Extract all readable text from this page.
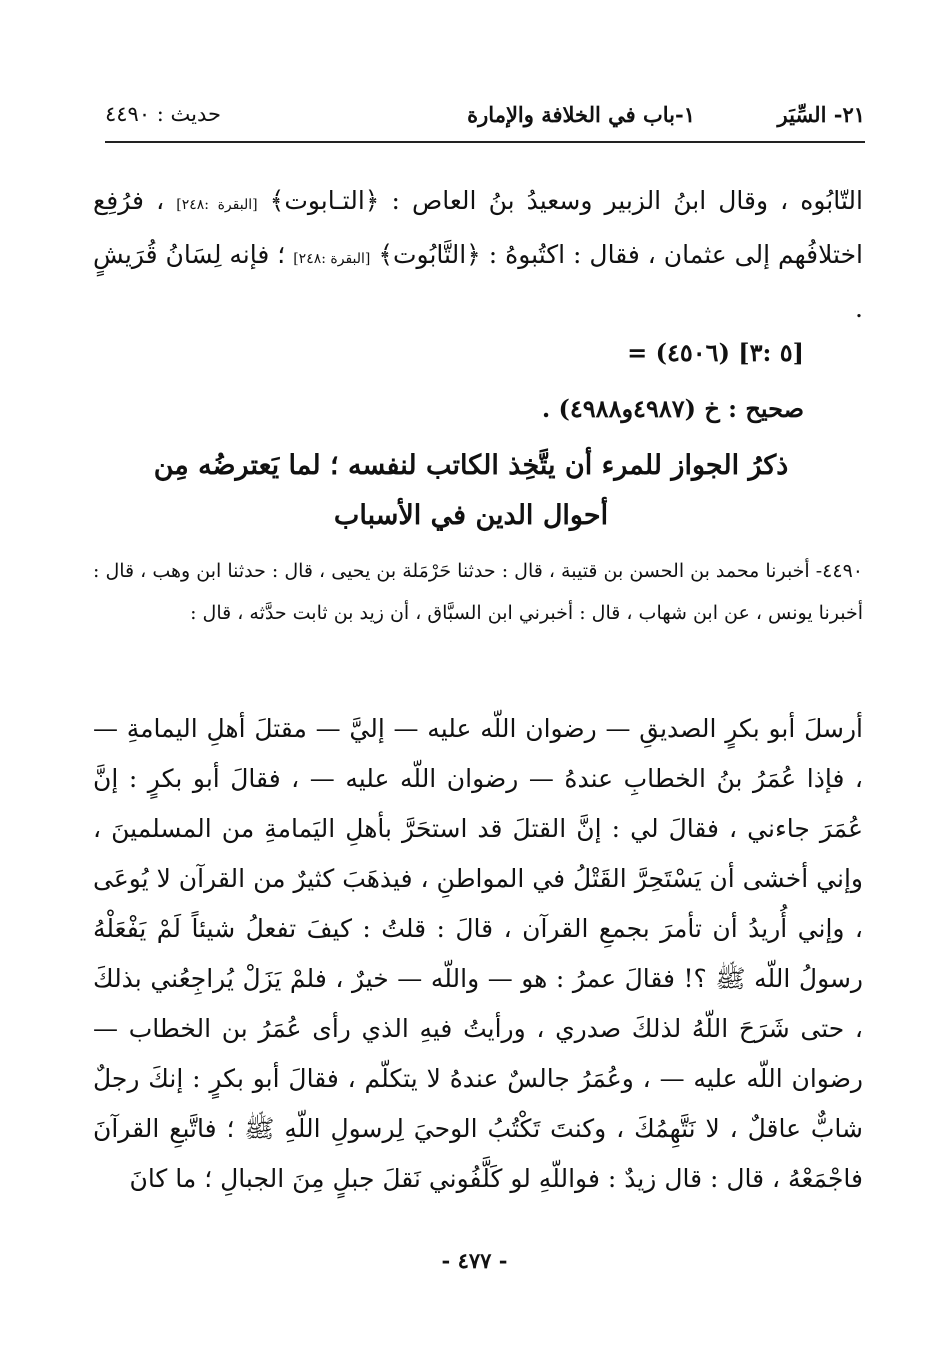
٢١- السِّيَر
١-باب في الخلافة والإمارة
حديث : ٤٤٩٠
التّابُوه ، وقال ابنُ الزبير وسعيدُ بنُ العاص : ﴿التـابوت﴾ [البقرة :٢٤٨] ، فرُفِع اختلافُهم إلى عثمان ، فقال : اكتُبوهُ : ﴿التَّابُوت﴾ [البقرة :٢٤٨] ؛ فإنه لِسَانُ قُرَيشٍ .
= (٤٥٠٦) [٥ :٣]
صحيح : خ (٤٩٨٧و٤٩٨٨) .
ذكرُ الجواز للمرء أن يتَّخِذ الكاتب لنفسه ؛ لما يَعترضُه مِن
أحوال الدين في الأسباب
٤٤٩٠- أخبرنا محمد بن الحسن بن قتيبة ، قال : حدثنا حَرْمَلة بن يحيى ، قال : حدثنا ابن وهب ، قال : أخبرنا يونس ، عن ابن شهاب ، قال : أخبرني ابن السبَّاق ، أن زيد بن ثابت حدَّثه ، قال :
أرسلَ أبو بكرٍ الصديقِ — رضوان اللّه عليه — إليَّ — مقتلَ أهلِ اليمامةِ — ، فإذا عُمَرُ بنُ الخطابِ عندهُ — رضوان اللّه عليه — ، فقالَ أبو بكرٍ : إنَّ عُمَرَ جاءني ، فقالَ لي : إنَّ القتلَ قد استحَرَّ بأهلِ اليَمامةِ من المسلمينَ ، وإني أخشى أن يَسْتَحِرَّ القَتْلُ في المواطنِ ، فيذهَبَ كثيرٌ من القرآن لا يُوعَى ، وإني أُريدُ أن تأمرَ بجمعِ القرآن ، قالَ : قلتُ : كيفَ تفعلُ شيئاً لَمْ يَفْعَلْهُ رسولُ اللّه ﷺ ؟! فقالَ عمرُ : هو — واللّه — خيرٌ ، فلمْ يَزَلْ يُراجِعُني بذلكَ ، حتى شَرَحَ اللّهُ لذلكَ صدري ، ورأيتُ فيهِ الذي رأى عُمَرُ بن الخطاب — رضوان اللّه عليه — ، وعُمَرُ جالسٌ عندهُ لا يتكلّم ، فقالَ أبو بكرٍ : إنكَ رجلٌ شابٌّ عاقلٌ ، لا نَتَّهِمُكَ ، وكنتَ تَكْتُبُ الوحيَ لِرسولِ اللّهِ ﷺ ؛ فاتَّبعِ القرآنَ فاجْمَعْهُ ، قال : قال زيدٌ : فواللّهِ لو كَلَّفُوني نَقلَ جبلٍ مِنَ الجبالِ ؛ ما كانَ
- ٤٧٧ -
